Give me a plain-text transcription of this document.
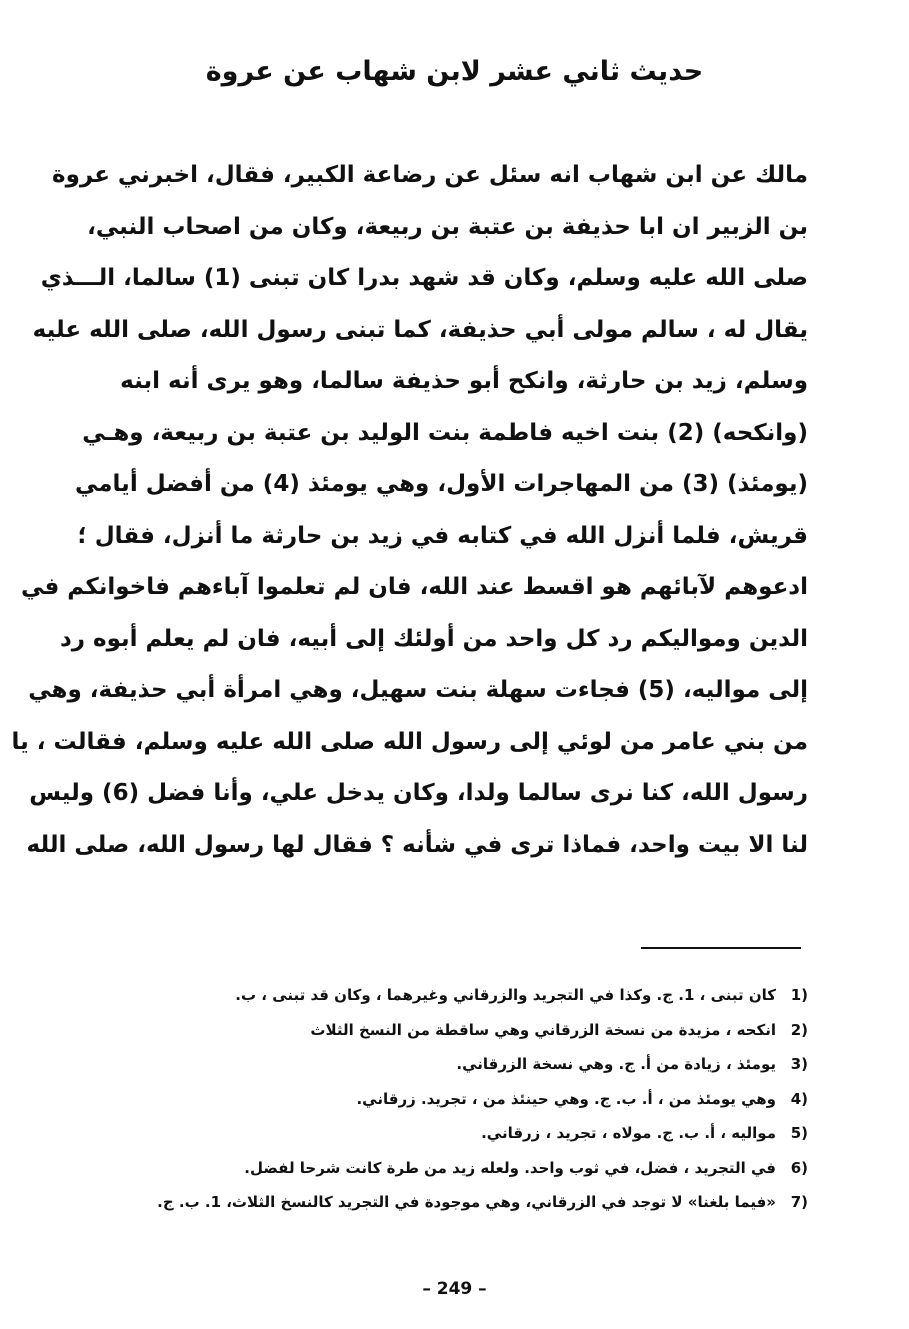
حديث ثاني عشر لابن شهاب عن عروة
مالك عن ابن شهاب انه سئل عن رضاعة الكبير، فقال، اخبرني عروة
بن الزبير ان ابا حذيفة بن عتبة بن ربيعة، وكان من اصحاب النبي،
صلى الله عليه وسلم، وكان قد شهد بدرا كان تبنى (1) سالما، الـــذي
يقال له ، سالم مولى أبي حذيفة، كما تبنى رسول الله، صلى الله عليه
وسلم، زيد بن حارثة، وانكح أبو حذيفة سالما، وهو يرى أنه ابنه
(وانكحه) (2) بنت اخيه فاطمة بنت الوليد بن عتبة بن ربيعة، وهـي
(يومئذ) (3) من المهاجرات الأول، وهي يومئذ (4) من أفضل أيامي
قريش، فلما أنزل الله في كتابه في زيد بن حارثة ما أنزل، فقال ؛
ادعوهم لآبائهم هو اقسط عند الله، فان لم تعلموا آباءهم فاخوانكم في
الدين ومواليكم رد كل واحد من أولئك إلى أبيه، فان لم يعلم أبوه رد
إلى مواليه، (5) فجاءت سهلة بنت سهيل، وهي امرأة أبي حذيفة، وهي
من بني عامر من لوئي إلى رسول الله صلى الله عليه وسلم، فقالت ، يا
رسول الله، كنا نرى سالما ولدا، وكان يدخل علي، وأنا فضل (6) وليس
لنا الا بيت واحد، فماذا ترى في شأنه ؟ فقال لها رسول الله، صلى الله
1)
كان تبنى ، 1. ج. وكذا في التجريد والزرقاني وغيرهما ، وكان قد تبنى ، ب.
2)
انكحه ، مزيدة من نسخة الزرقاني وهي ساقطة من النسخ الثلاث
3)
يومئذ ، زيادة من أ. ج. وهي نسخة الزرقاني.
4)
وهي يومئذ من ، أ. ب. ج. وهي حينئذ من ، تجريد. زرقاني.
5)
مواليه ، أ. ب. ج. مولاه ، تجريد ، زرقاني.
6)
في التجريد ، فضل، في ثوب واحد. ولعله زيد من طرة كانت شرحا لفضل.
7)
«فيما بلغنا» لا توجد في الزرقاني، وهي موجودة في التجريد كالنسخ الثلاث، 1. ب. ج.
– 249 –
